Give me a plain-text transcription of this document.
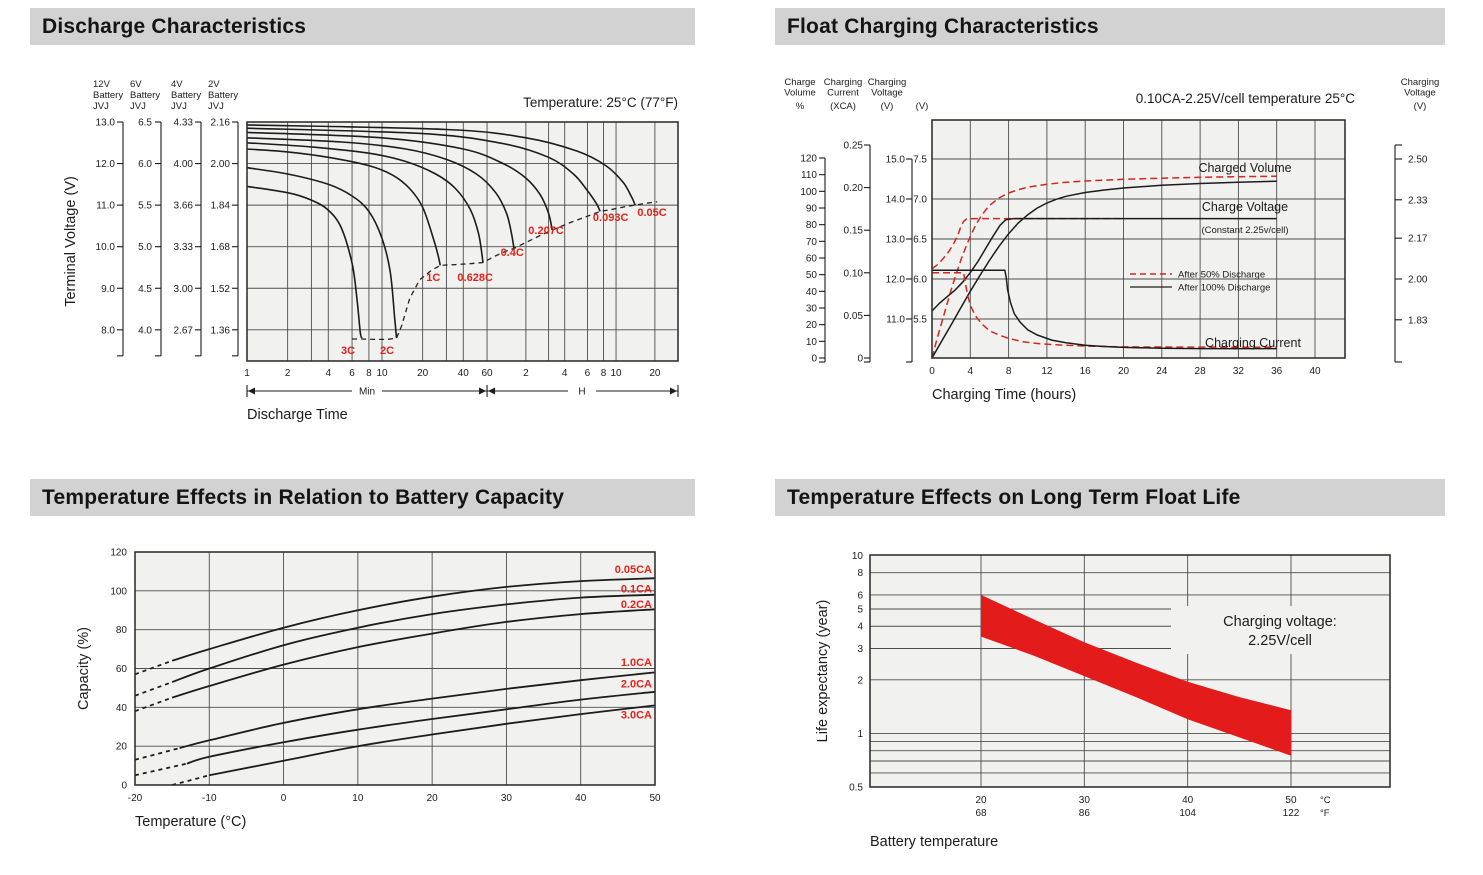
Discharge Characteristics
3C 2C
1C 0.628C
0.4C
0.207C
0.093C 0.05C
12V
Battery
JVJ
13.0
12.0
11.0
10.0
9.0
8.0
6V
Battery
JVJ
6.5
6.0
5.5
5.0
4.5
4.0
4V
Battery
JVJ
4.33
4.00
3.66
3.33
3.00
2.67
2V
Battery
JVJ
2.16
2.00
1.84
1.68
1.52
1.36
Temperature: 25°C (77°F)
Terminal Voltage (V)
1	2	4 6 8 10	20	40 60	2	4 6 8 10	20
Min	H
Discharge Time
Float Charging Characteristics
Charged Volume
Charge Voltage
(Constant 2.25v/cell)
Charging Current
After 50% Discharge
After 100% Discharge
Charge
Volume
%
120
110
100
90
80
70
60
50
40
30
20
10
0
Charging
Current
(XCA)
0.25
0.20
0.15
0.10
0.05
0
Charging
Voltage
(V)
15.0
14.0
13.0
12.0
11.0
(V)
7.5
7.0
6.5
6.0
5.5
2.50
2.33
2.17
2.00
1.83
Charging
Voltage
(V)
0.10CA-2.25V/cell temperature 25°C
0	4	8	12	16	20	24	28	32	36	40
Charging Time (hours)
Temperature Effects in Relation to Battery Capacity
0.05CA
0.1CA
0.2CA
1.0CA
2.0CA
3.0CA
120
100
80
60
40
20
0
-20	-10	0	10	20	30	40	50
Capacity (%)
Temperature (°C)
Temperature Effects on Long Term Float Life
Charging voltage:
2.25V/cell
10
8
6
5
4
3
2
1
0.5
20
68
30
86
40
104
50
122
°C
°F
Life expectancy (year)
Battery temperature
